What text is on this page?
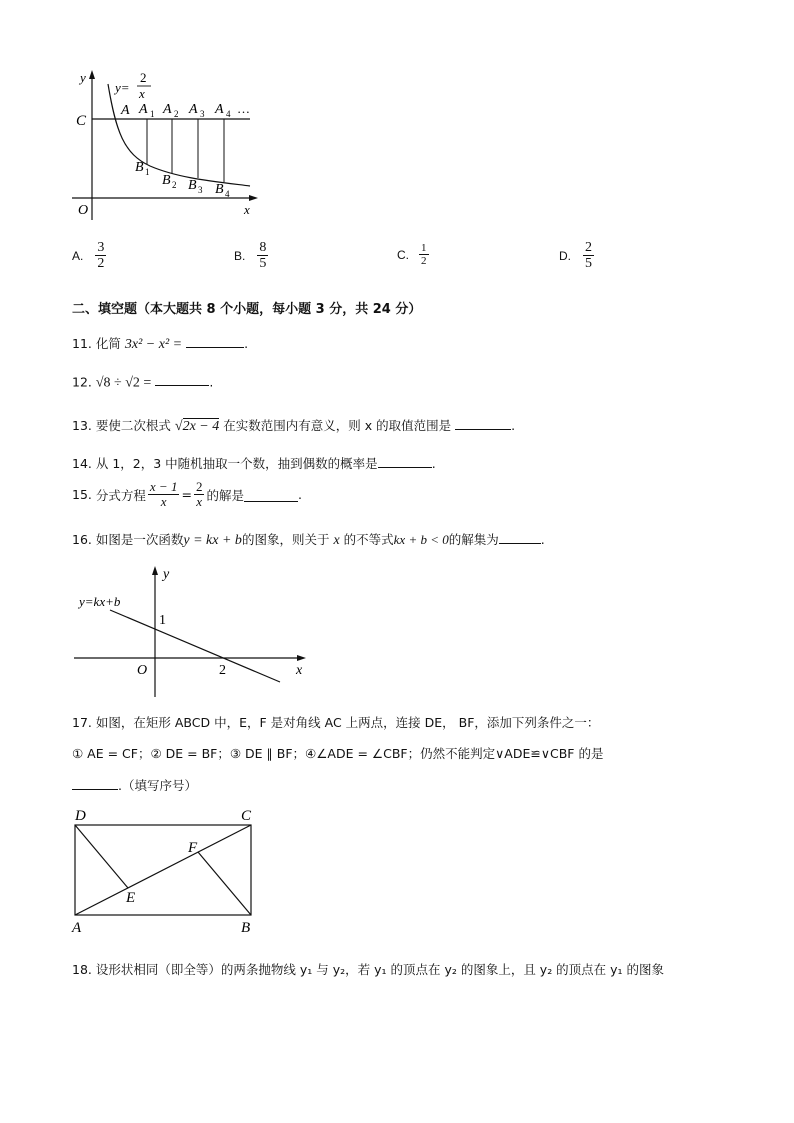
y
x
O
C
y=
2
x
A A 1 A 2 A 3 A 4 …
B 1
B 2 B 3 B 4
A. $\frac{3}{2}$	B. $\frac{8}{5}$	C. $\frac{1}{2}$	D. $\frac{2}{5}$
二、填空题（本大题共 8 个小题，每小题 3 分，共 24 分）
11. 化简 3x² − x² =	.
12. √8 ÷ √2 =	.
13. 要使二次根式 √2x − 4 在实数范围内有意义，则 x 的取值范围是	.
14. 从 1，2，3 中随机抽取一个数，抽到偶数的概率是	.
15. 分式方程 $\frac{x - 1}{x} = \frac{2}{x}$ 的解是	.
16. 如图是一次函数y = kx + b的图象，则关于 x 的不等式kx + b < 0的解集为	.
y
x
O
1
2
y=kx+b
17. 如图，在矩形 ABCD 中，E，F 是对角线 AC 上两点，连接 DE， BF，添加下列条件之一：
① AE = CF；② DE = BF；③ DE ∥ BF；④∠ADE = ∠CBF；仍然不能判定∨ADE≌∨CBF 的是
.（填写序号）
D	C
A	B
E
F
18. 设形状相同（即全等）的两条抛物线 y₁ 与 y₂，若 y₁ 的顶点在 y₂ 的图象上，且 y₂ 的顶点在 y₁ 的图象
